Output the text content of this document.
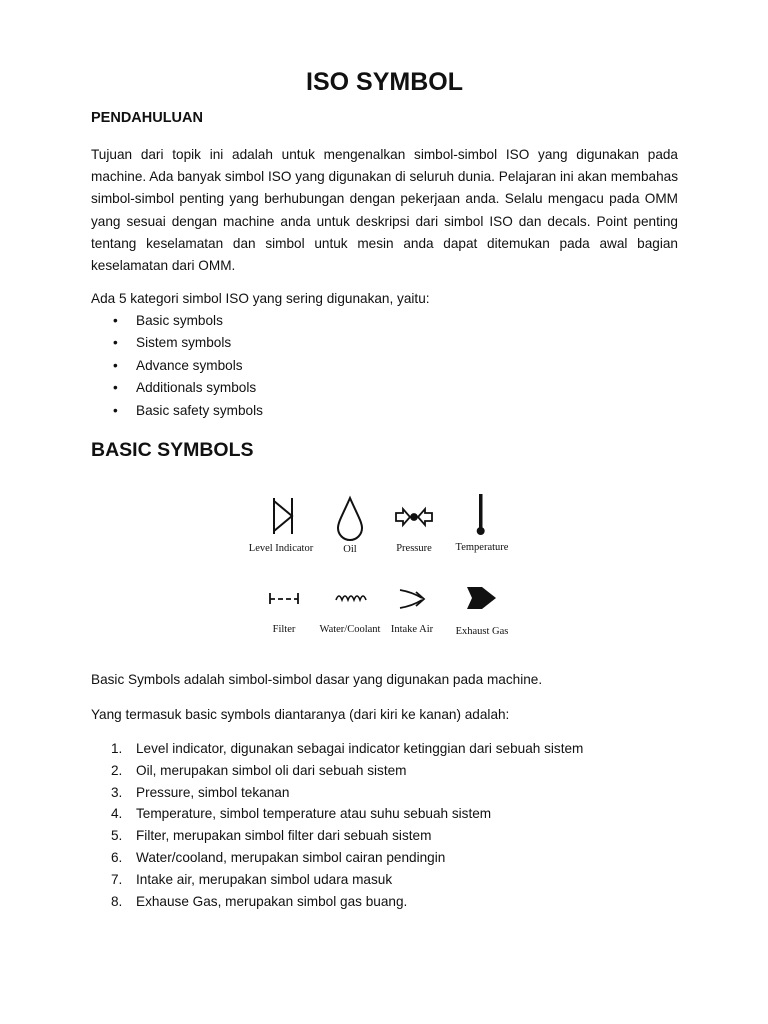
ISO SYMBOL
PENDAHULUAN

Tujuan dari topik ini adalah untuk mengenalkan simbol-simbol ISO yang digunakan pada machine. Ada banyak simbol ISO yang digunakan di seluruh dunia. Pelajaran ini akan membahas simbol-simbol penting yang berhubungan dengan pekerjaan anda. Selalu mengacu pada OMM yang sesuai dengan machine anda untuk deskripsi dari simbol ISO dan decals. Point penting tentang keselamatan dan simbol untuk mesin anda dapat ditemukan pada awal bagian keselamatan dari OMM.

Ada 5 kategori simbol ISO yang sering digunakan, yaitu:

• Basic symbols
• Sistem symbols
• Advance symbols
• Additionals symbols
• Basic safety symbols
BASIC SYMBOLS
Level Indicator	Oil	Pressure Temperature
Filter Water/Coolant Intake Air Exhaust Gas

Basic Symbols adalah simbol-simbol dasar yang digunakan pada machine.

Yang termasuk basic symbols diantaranya (dari kiri ke kanan) adalah:

1. Level indicator, digunakan sebagai indicator ketinggian dari sebuah sistem
2. Oil, merupakan simbol oli dari sebuah sistem
3. Pressure, simbol tekanan
4. Temperature, simbol temperature atau suhu sebuah sistem
5. Filter, merupakan simbol filter dari sebuah sistem
6. Water/cooland, merupakan simbol cairan pendingin
7. Intake air, merupakan simbol udara masuk
8. Exhause Gas, merupakan simbol gas buang.
